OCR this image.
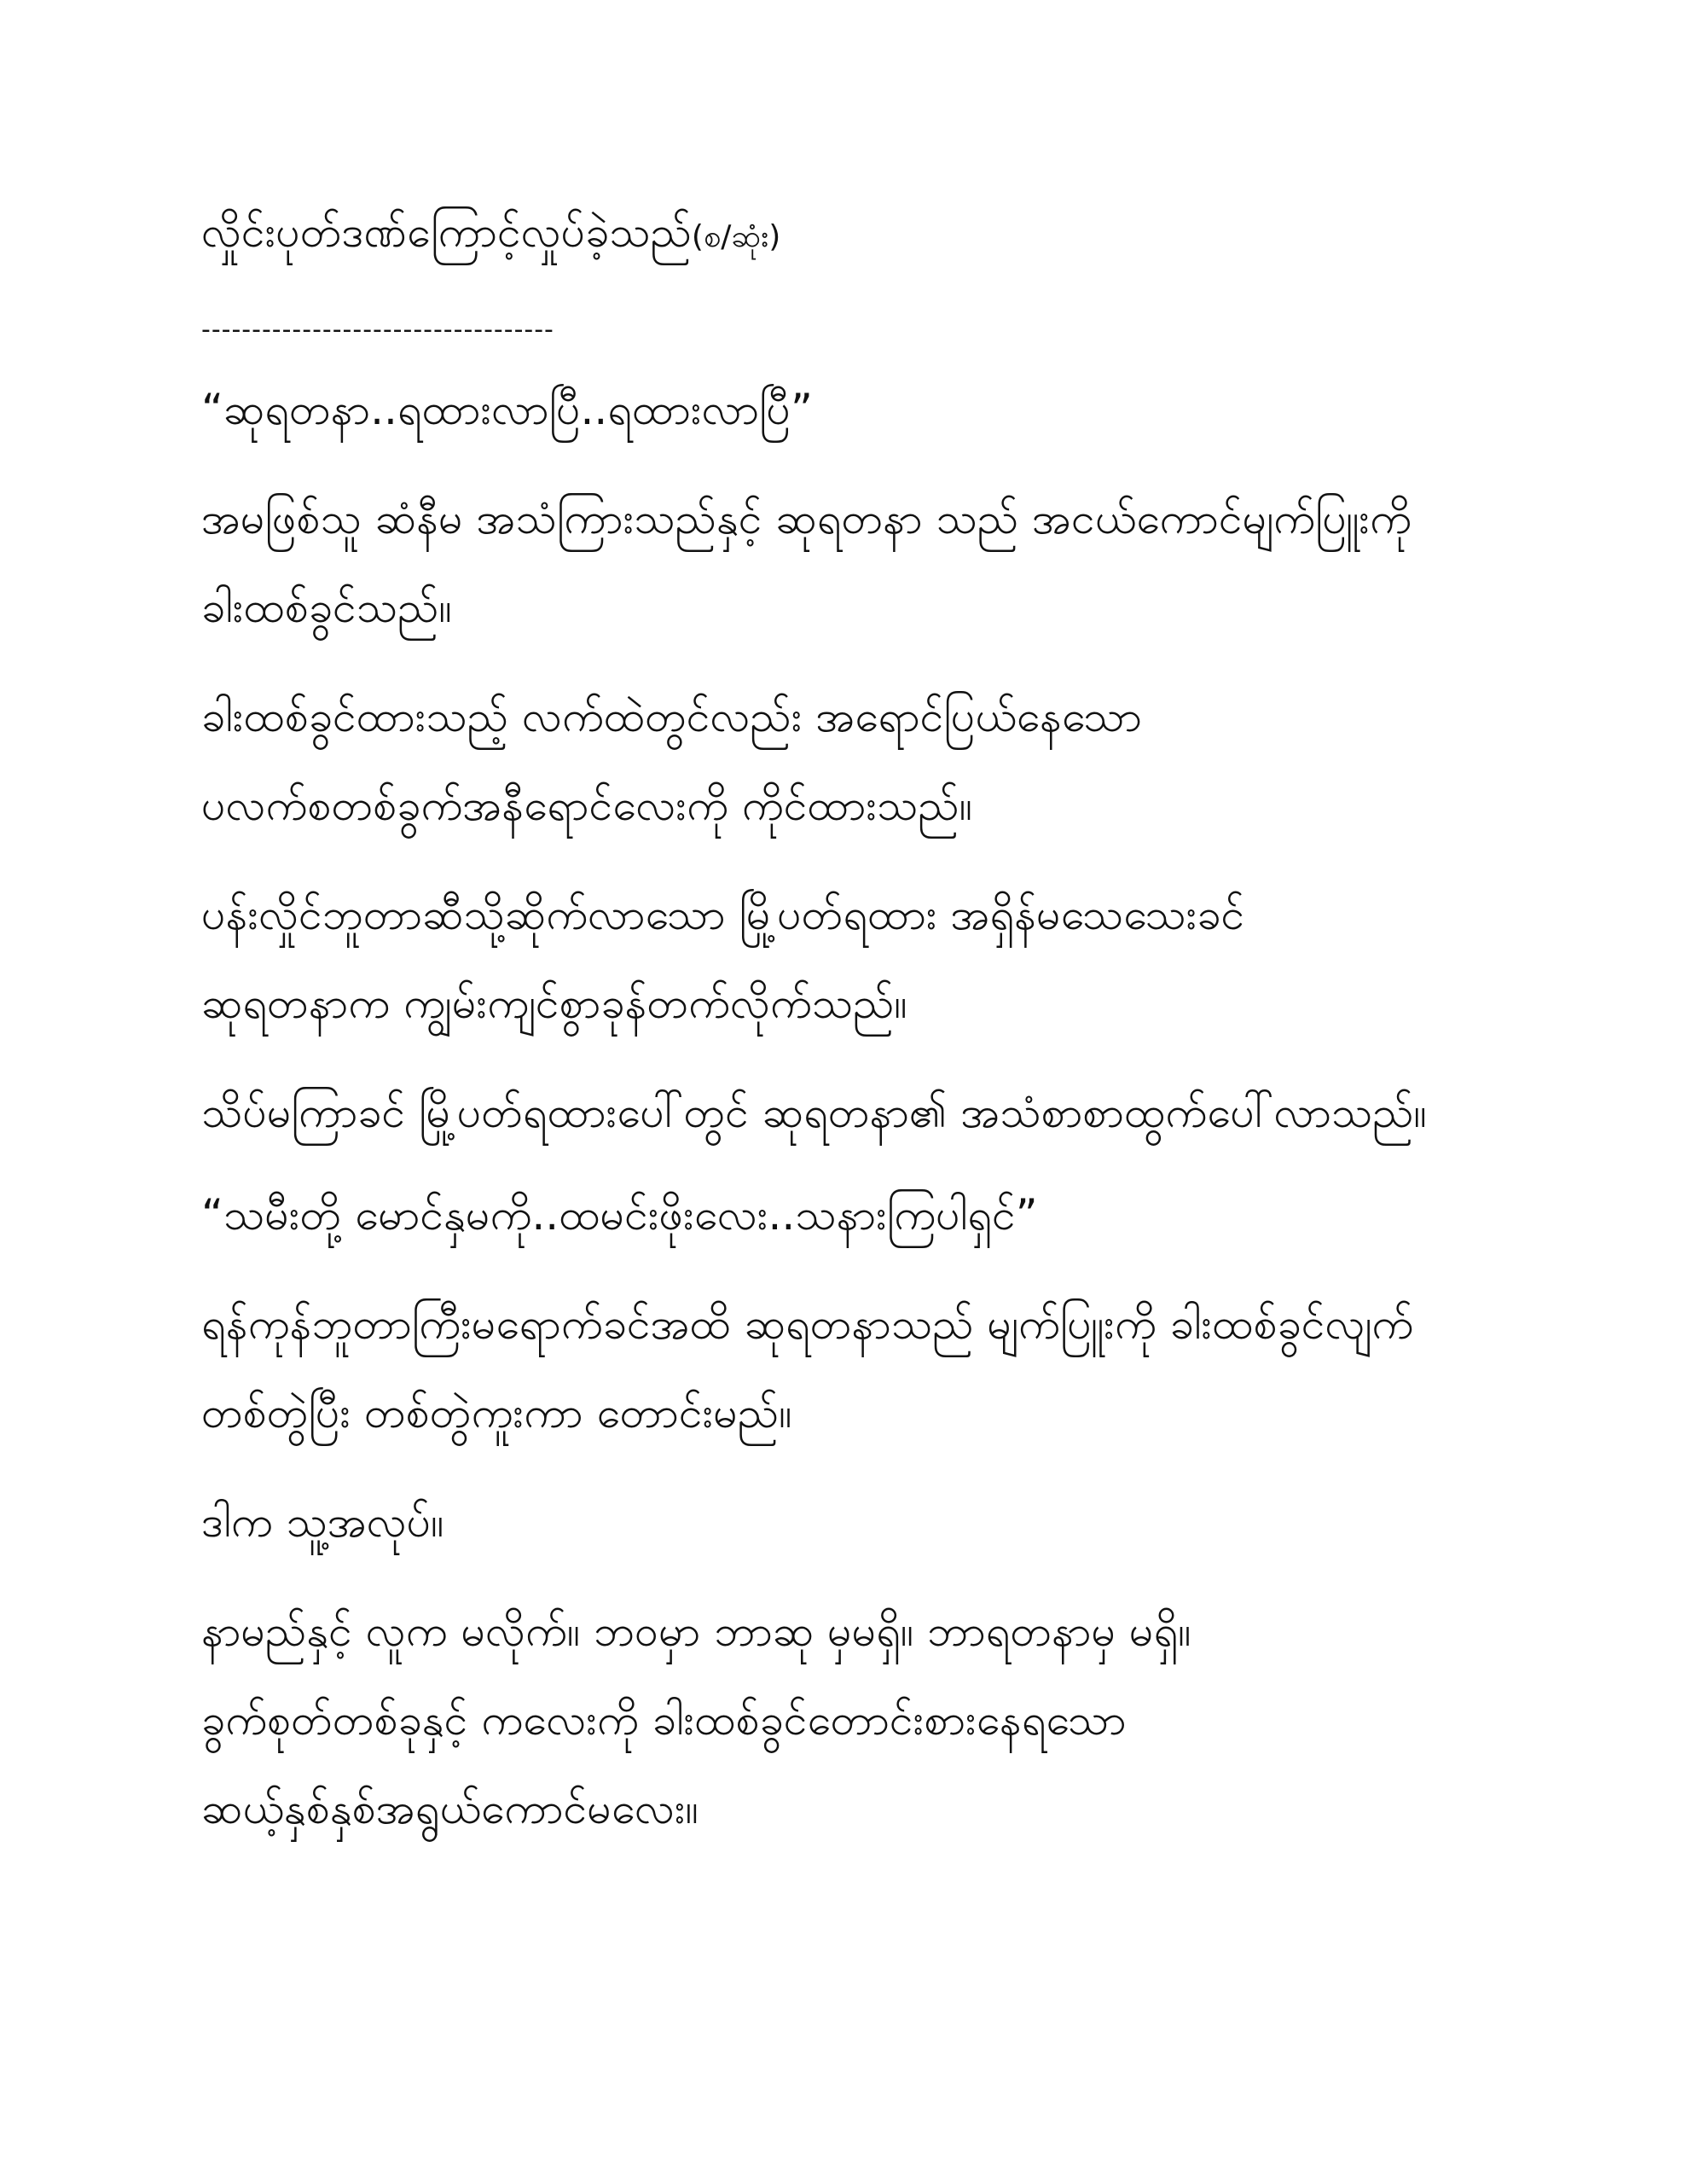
လှိုင်းပုတ်ဒဏ်ကြောင့်လှုပ်ခဲ့သည်(စ/ဆုံး)
-----------------------------------
“ဆုရတနာ..ရထားလာပြီ..ရထားလာပြီ”
အမဖြစ်သူ ဆံနီမ အသံကြားသည်နှင့် ဆုရတနာ သည် အငယ်ကောင်မျက်ပြူးကို
ခါးထစ်ခွင်သည်။
ခါးထစ်ခွင်ထားသည့် လက်ထဲတွင်လည်း အရောင်ပြယ်နေသော
ပလက်စတစ်ခွက်အနီရောင်လေးကို ကိုင်ထားသည်။
ပန်းလှိုင်ဘူတာဆီသို့ဆိုက်လာသော မြို့ပတ်ရထား အရှိန်မသေသေးခင်
ဆုရတနာက ကျွမ်းကျင်စွာခုန်တက်လိုက်သည်။
သိပ်မကြာခင် မြို့ပတ်ရထားပေါ်တွင် ဆုရတနာ၏ အသံစာစာထွက်ပေါ်လာသည်။
“သမီးတို့ မောင်နှမကို..ထမင်းဖိုးလေး..သနားကြပါရှင်”
ရန်ကုန်ဘူတာကြီးမရောက်ခင်အထိ ဆုရတနာသည် မျက်ပြူးကို ခါးထစ်ခွင်လျက်
တစ်တွဲပြီး တစ်တွဲကူးကာ တောင်းမည်။
ဒါက သူ့အလုပ်။
နာမည်နှင့် လူက မလိုက်။ ဘဝမှာ ဘာဆု မှမရှိ။ ဘာရတနာမှ မရှိ။
ခွက်စုတ်တစ်ခုနှင့် ကလေးကို ခါးထစ်ခွင်တောင်းစားနေရသော
ဆယ့်နှစ်နှစ်အရွယ်ကောင်မလေး။
